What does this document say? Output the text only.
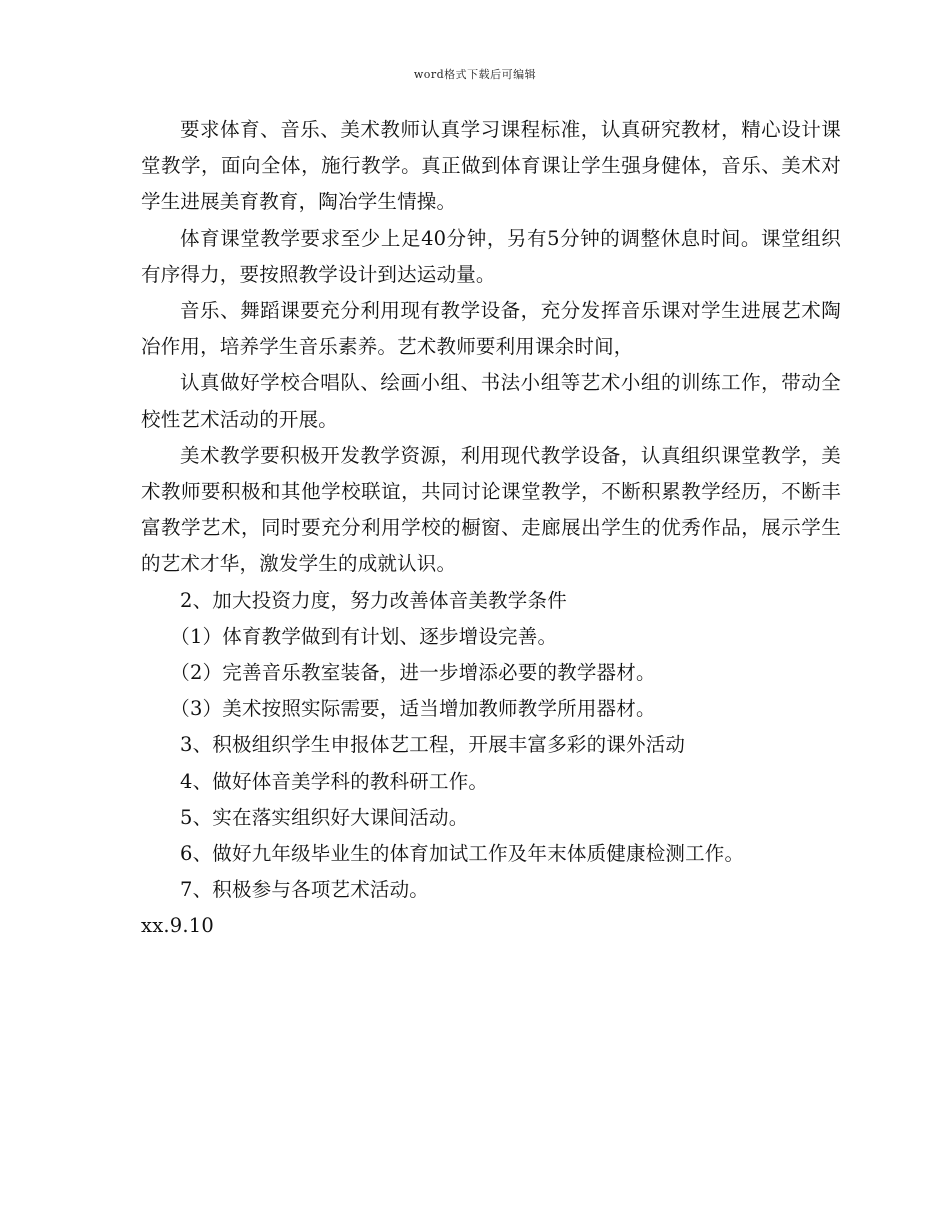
word格式下载后可编辑

要求体育、音乐、美术教师认真学习课程标准，认真研究教材，精心设计课堂教学，面向全体，施行教学。真正做到体育课让学生强身健体，音乐、美术对学生进展美育教育，陶冶学生情操。

体育课堂教学要求至少上足40分钟，另有5分钟的调整休息时间。课堂组织有序得力，要按照教学设计到达运动量。

音乐、舞蹈课要充分利用现有教学设备，充分发挥音乐课对学生进展艺术陶冶作用，培养学生音乐素养。艺术教师要利用课余时间，

认真做好学校合唱队、绘画小组、书法小组等艺术小组的训练工作，带动全校性艺术活动的开展。

美术教学要积极开发教学资源，利用现代教学设备，认真组织课堂教学，美术教师要积极和其他学校联谊，共同讨论课堂教学，不断积累教学经历，不断丰富教学艺术，同时要充分利用学校的橱窗、走廊展出学生的优秀作品，展示学生的艺术才华，激发学生的成就认识。

2、加大投资力度，努力改善体音美教学条件

（1）体育教学做到有计划、逐步增设完善。

（2）完善音乐教室装备，进一步增添必要的教学器材。

（3）美术按照实际需要，适当增加教师教学所用器材。

3、积极组织学生申报体艺工程，开展丰富多彩的课外活动

4、做好体音美学科的教科研工作。

5、实在落实组织好大课间活动。

6、做好九年级毕业生的体育加试工作及年末体质健康检测工作。

7、积极参与各项艺术活动。

xx.9.10
